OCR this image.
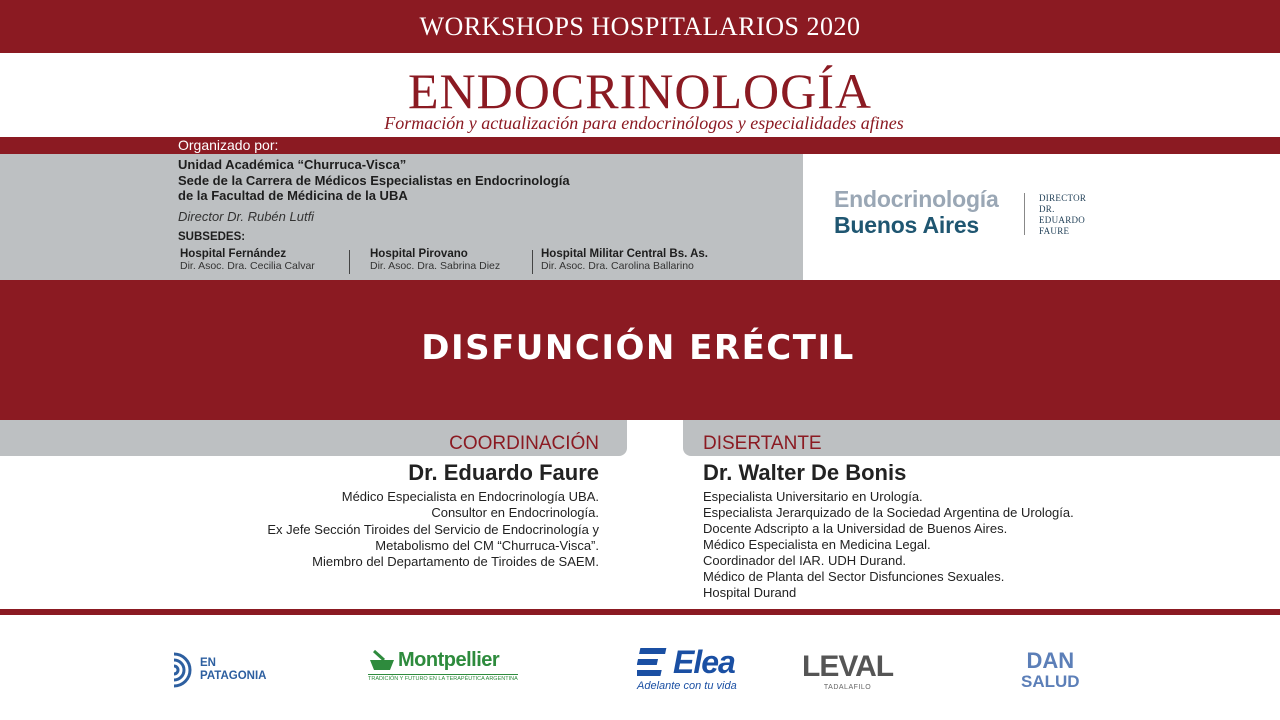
WORKSHOPS HOSPITALARIOS 2020
ENDOCRINOLOGÍA
Formación y actualización para endocrinólogos y especialidades afines
Organizado por:
Unidad Académica “Churruca-Visca”
Sede de la Carrera de Médicos Especialistas en Endocrinología
de la Facultad de Médicina de la UBA
Director Dr. Rubén Lutfi
SUBSEDES:
Hospital Fernández
Dir. Asoc. Dra. Cecilia Calvar
Hospital Pirovano
Dir. Asoc. Dra. Sabrina Diez
Hospital Militar Central Bs. As.
Dir. Asoc. Dra. Carolina Ballarino
Endocrinología
Buenos Aires
DIRECTOR
DR.
EDUARDO
FAURE
DISFUNCIÓN ERÉCTIL
COORDINACIÓN	DISERTANTE
Dr. Eduardo Faure	Dr. Walter De Bonis
Médico Especialista en Endocrinología UBA.
Consultor en Endocrinología.
Ex Jefe Sección Tiroides del Servicio de Endocrinología y
Metabolismo del CM “Churruca-Visca”.
Miembro del Departamento de Tiroides de SAEM.
Especialista Universitario en Urología.
Especialista Jerarquizado de la Sociedad Argentina de Urología.
Docente Adscripto a la Universidad de Buenos Aires.
Médico Especialista en Medicina Legal.
Coordinador del IAR. UDH Durand.
Médico de Planta del Sector Disfunciones Sexuales.
Hospital Durand
EN
PATAGONIA
Montpellier
TRADICIÓN Y FUTURO EN LA TERAPÉUTICA ARGENTINA	Elea
Adelante con tu vida
LEVAL
TADALAFILO
DAN
SALUD
